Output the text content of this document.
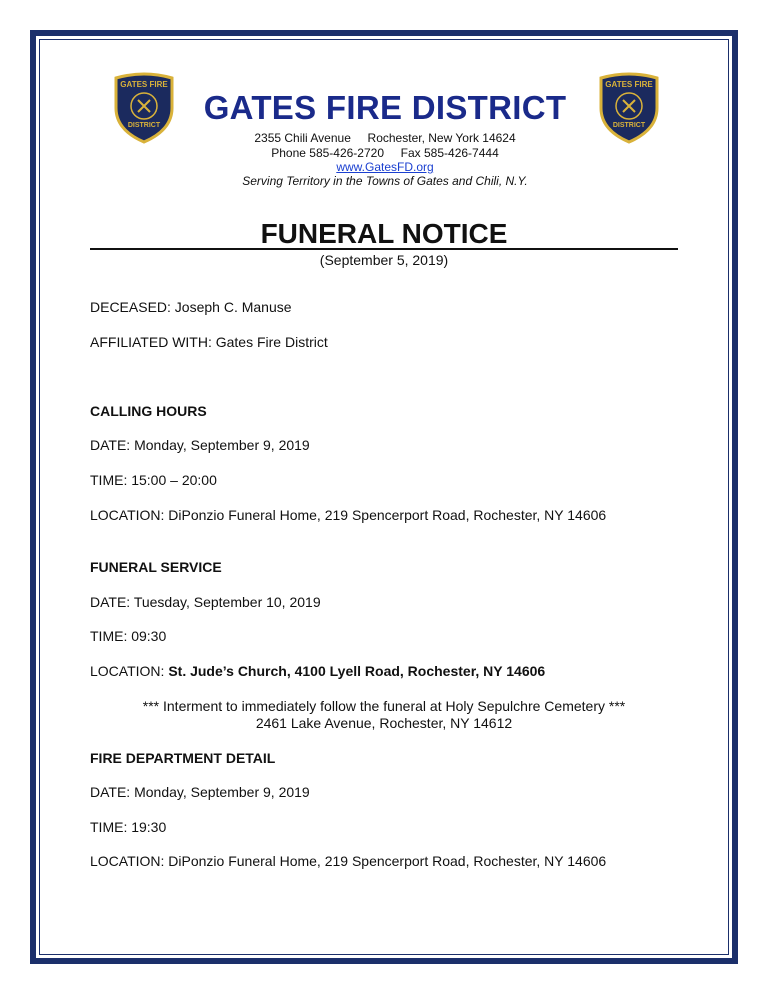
GATES FIRE
DISTRICT
GATES FIRE
DISTRICT
GATES FIRE DISTRICT
2355 Chili Avenue Rochester, New York 14624
Phone 585-426-2720 Fax 585-426-7444
www.GatesFD.org
Serving Territory in the Towns of Gates and Chili, N.Y.
FUNERAL NOTICE
(September 5, 2019)
DECEASED: Joseph C. Manuse
AFFILIATED WITH: Gates Fire District
CALLING HOURS
DATE: Monday, September 9, 2019
TIME: 15:00 – 20:00
LOCATION: DiPonzio Funeral Home, 219 Spencerport Road, Rochester, NY 14606
FUNERAL SERVICE
DATE: Tuesday, September 10, 2019
TIME: 09:30
LOCATION: St. Jude’s Church, 4100 Lyell Road, Rochester, NY 14606
*** Interment to immediately follow the funeral at Holy Sepulchre Cemetery ***
2461 Lake Avenue, Rochester, NY 14612
FIRE DEPARTMENT DETAIL
DATE: Monday, September 9, 2019
TIME: 19:30
LOCATION: DiPonzio Funeral Home, 219 Spencerport Road, Rochester, NY 14606
